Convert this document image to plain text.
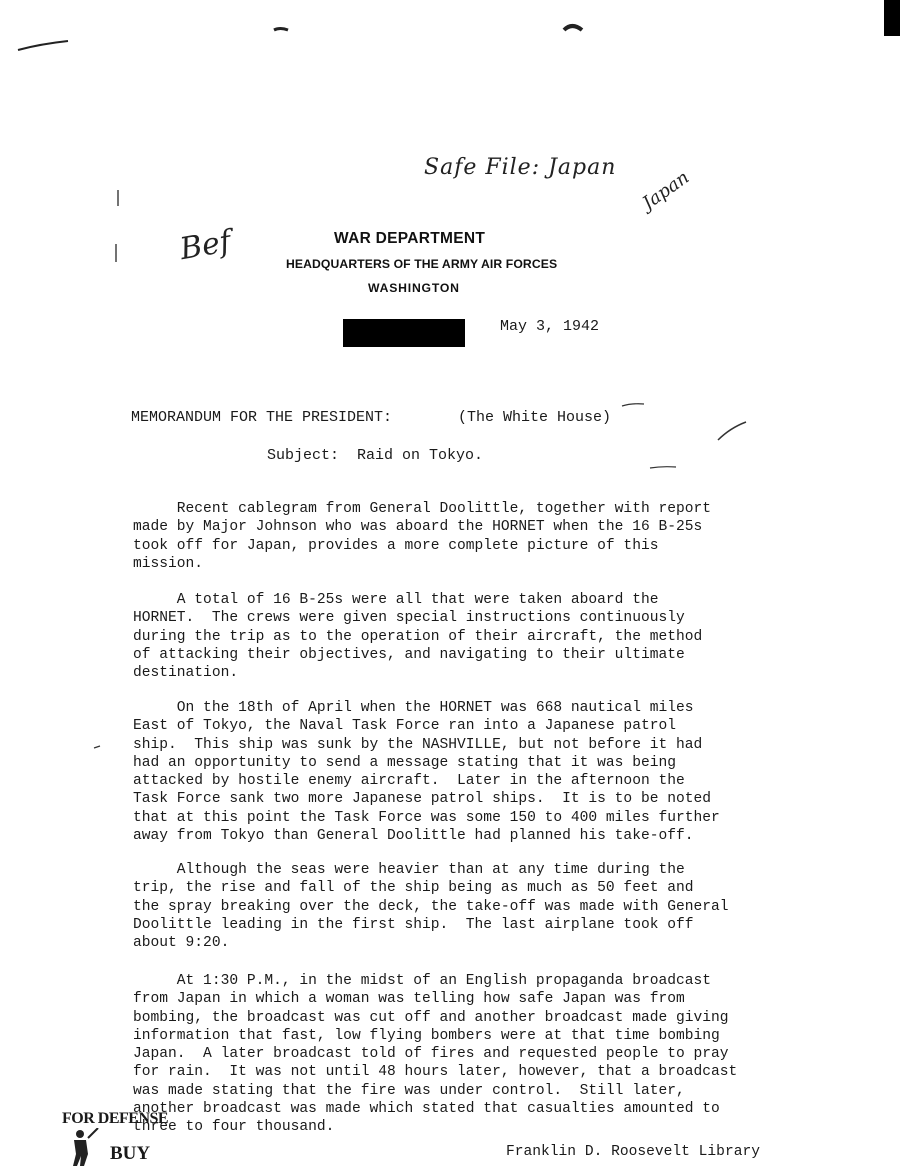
Safe File: Japan
Bef
Japan
WAR DEPARTMENT
HEADQUARTERS OF THE ARMY AIR FORCES
WASHINGTON
May 3, 1942
MEMORANDUM FOR THE PRESIDENT:	(The White House)
Subject:  Raid on Tokyo.
Recent cablegram from General Doolittle, together with report
made by Major Johnson who was aboard the HORNET when the 16 B-25s
took off for Japan, provides a more complete picture of this
mission.
A total of 16 B-25s were all that were taken aboard the
HORNET.  The crews were given special instructions continuously
during the trip as to the operation of their aircraft, the method
of attacking their objectives, and navigating to their ultimate
destination.
On the 18th of April when the HORNET was 668 nautical miles
East of Tokyo, the Naval Task Force ran into a Japanese patrol
ship.  This ship was sunk by the NASHVILLE, but not before it had
had an opportunity to send a message stating that it was being
attacked by hostile enemy aircraft.  Later in the afternoon the
Task Force sank two more Japanese patrol ships.  It is to be noted
that at this point the Task Force was some 150 to 400 miles further
away from Tokyo than General Doolittle had planned his take-off.
Although the seas were heavier than at any time during the
trip, the rise and fall of the ship being as much as 50 feet and
the spray breaking over the deck, the take-off was made with General
Doolittle leading in the first ship.  The last airplane took off
about 9:20.
At 1:30 P.M., in the midst of an English propaganda broadcast
from Japan in which a woman was telling how safe Japan was from
bombing, the broadcast was cut off and another broadcast made giving
information that fast, low flying bombers were at that time bombing
Japan.  A later broadcast told of fires and requested people to pray
for rain.  It was not until 48 hours later, however, that a broadcast
was made stating that the fire was under control.  Still later,
another broadcast was made which stated that casualties amounted to
three to four thousand.
FOR DEFENSE
BUY	Franklin D. Roosevelt Library
